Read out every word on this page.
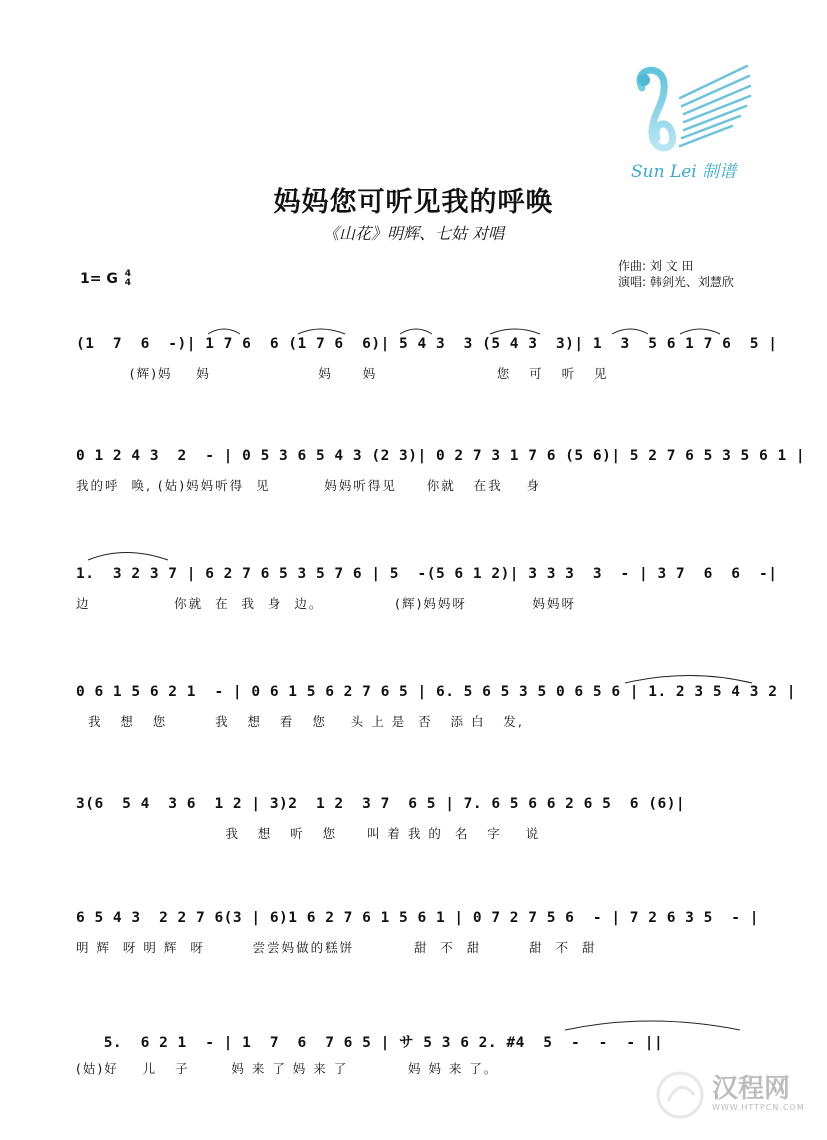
Sun Lei 制谱
妈妈您可听见我的呼唤
《山花》明辉、七姑 对唱
1= G 4
4
作曲: 刘 文 田
演唱: 韩剑光、刘慧欣
(1  7  6  -)| 1 7 6  6 (1 7 6  6)| 5 4 3  3 (5 4 3  3)| 1  3  5 6 1 7 6  5 |
(辉)妈    妈                  妈     妈                    您   可   听   见
0 1 2 4 3  2  - | 0 5 3 6 5 4 3 (2 3)| 0 2 7 3 1 7 6 (5 6)| 5 2 7 6 5 3 5 6 1 |
我的呼  唤, (姑)妈妈听得  见         妈妈听得见     你就   在我    身
1.  3 2 3 7 | 6 2 7 6 5 3 5 7 6 | 5  -(5 6 1 2)| 3 3 3  3  - | 3 7  6  6  -|
边              你就  在  我  身  边。            (辉)妈妈呀           妈妈呀
0 6 1 5 6 2 1  - | 0 6 1 5 6 2 7 6 5 | 6. 5 6 5 3 5 0 6 5 6 | 1. 2 3 5 4 3 2 |
我   想   您        我   想   看   您    头 上 是  否   添 白   发,
3(6  5 4  3 6  1 2 | 3)2  1 2  3 7  6 5 | 7. 6 5 6 6 2 6 5  6 (6)|
我   想   听   您     叫 着 我 的  名   字    说
6 5 4 3  2 2 7 6(3 | 6)1 6 2 7 6 1 5 6 1 | 0 7 2 7 5 6  - | 7 2 6 3 5  - |
明 辉  呀 明 辉  呀        尝尝妈做的糕饼          甜  不  甜        甜  不  甜
5.  6 2 1  - | 1  7  6  7 6 5 | サ 5 3 6 2. #4  5  -  -  - ||
(姑)好    儿   子       妈 来 了 妈 来 了          妈 妈 来 了。
汉程网
WWW.HTTPCN.COM
